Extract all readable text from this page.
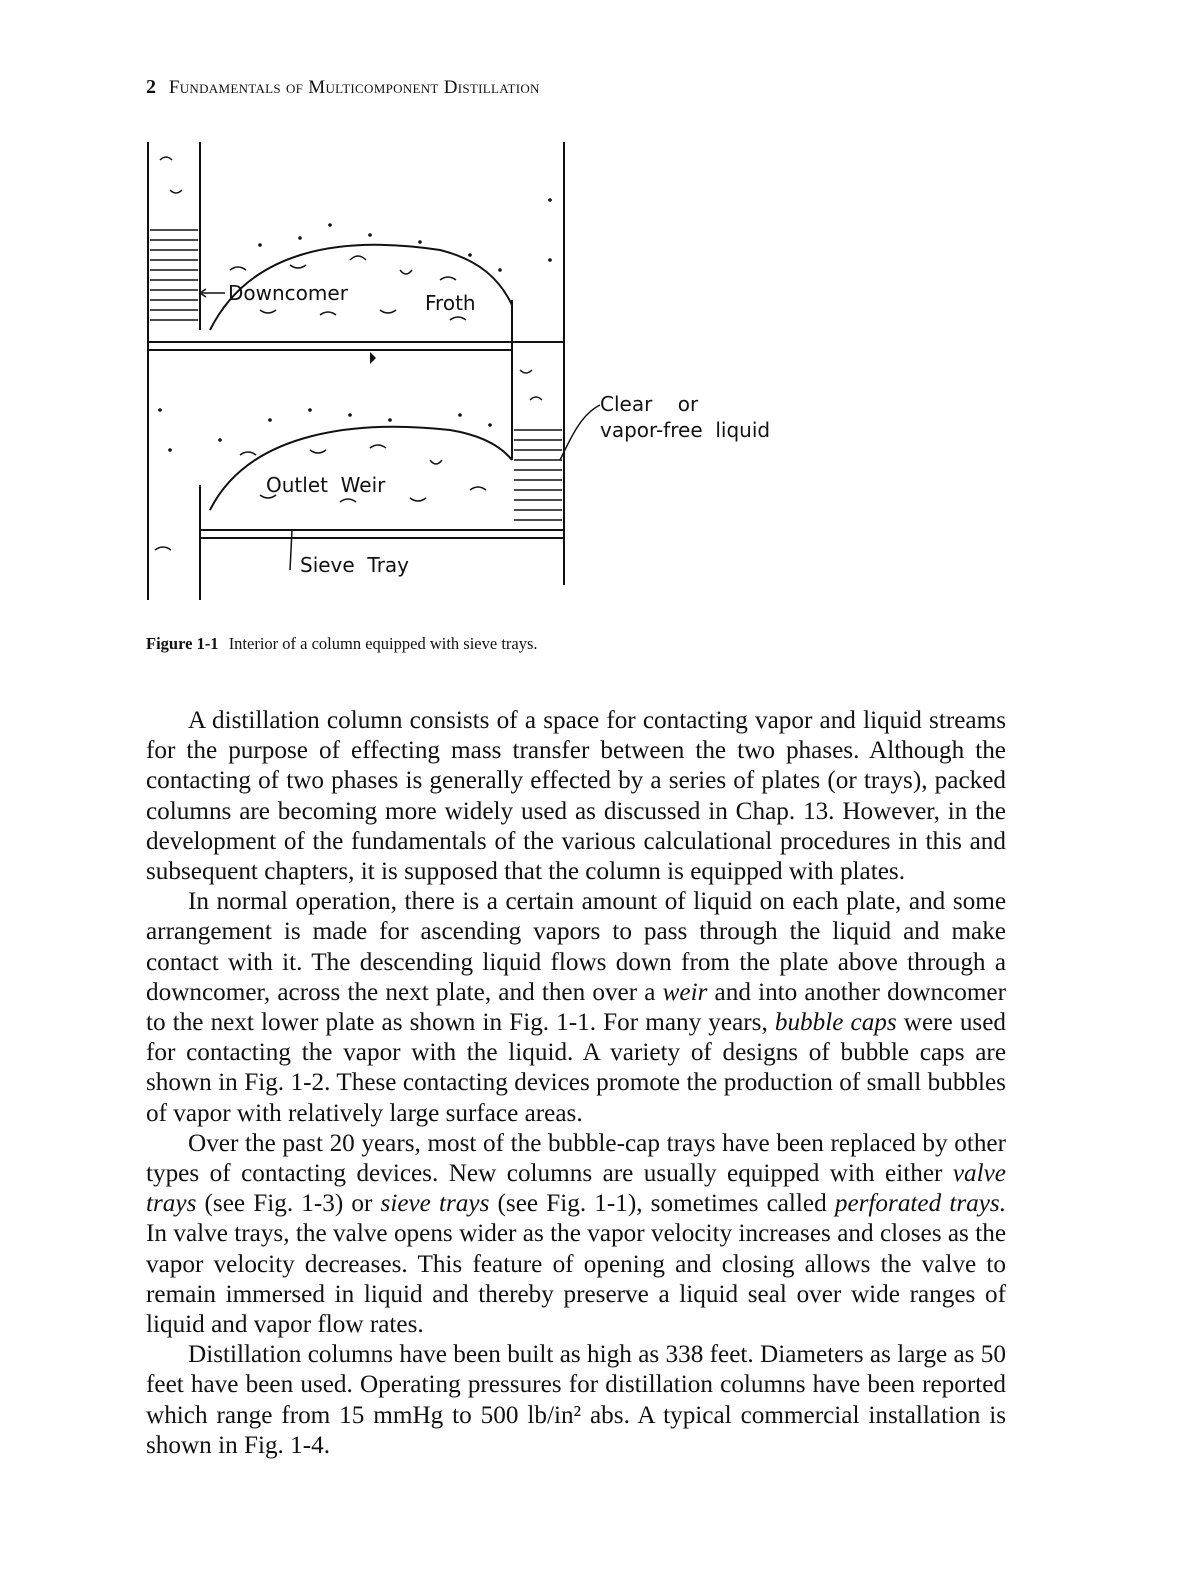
2 Fundamentals of Multicomponent Distillation
Downcomer	Froth
Clear    or
vapor-free  liquid
Outlet  Weir
Sieve  Tray
Figure 1-1 Interior of a column equipped with sieve trays.

A distillation column consists of a space for contacting vapor and liquid streams for the purpose of effecting mass transfer between the two phases. Although the contacting of two phases is generally effected by a series of plates (or trays), packed columns are becoming more widely used as discussed in Chap. 13. However, in the development of the fundamentals of the various calculational procedures in this and subsequent chapters, it is supposed that the column is equipped with plates.

In normal operation, there is a certain amount of liquid on each plate, and some arrangement is made for ascending vapors to pass through the liquid and make contact with it. The descending liquid flows down from the plate above through a downcomer, across the next plate, and then over a weir and into another downcomer to the next lower plate as shown in Fig. 1-1. For many years, bubble caps were used for contacting the vapor with the liquid. A variety of designs of bubble caps are shown in Fig. 1-2. These contacting devices promote the production of small bubbles of vapor with relatively large surface areas.

Over the past 20 years, most of the bubble-cap trays have been replaced by other types of contacting devices. New columns are usually equipped with either valve trays (see Fig. 1-3) or sieve trays (see Fig. 1-1), sometimes called perforated trays. In valve trays, the valve opens wider as the vapor velocity increases and closes as the vapor velocity decreases. This feature of opening and closing allows the valve to remain immersed in liquid and thereby preserve a liquid seal over wide ranges of liquid and vapor flow rates.

Distillation columns have been built as high as 338 feet. Diameters as large as 50 feet have been used. Operating pressures for distillation columns have been reported which range from 15 mmHg to 500 lb/in² abs. A typical commercial installation is shown in Fig. 1-4.
